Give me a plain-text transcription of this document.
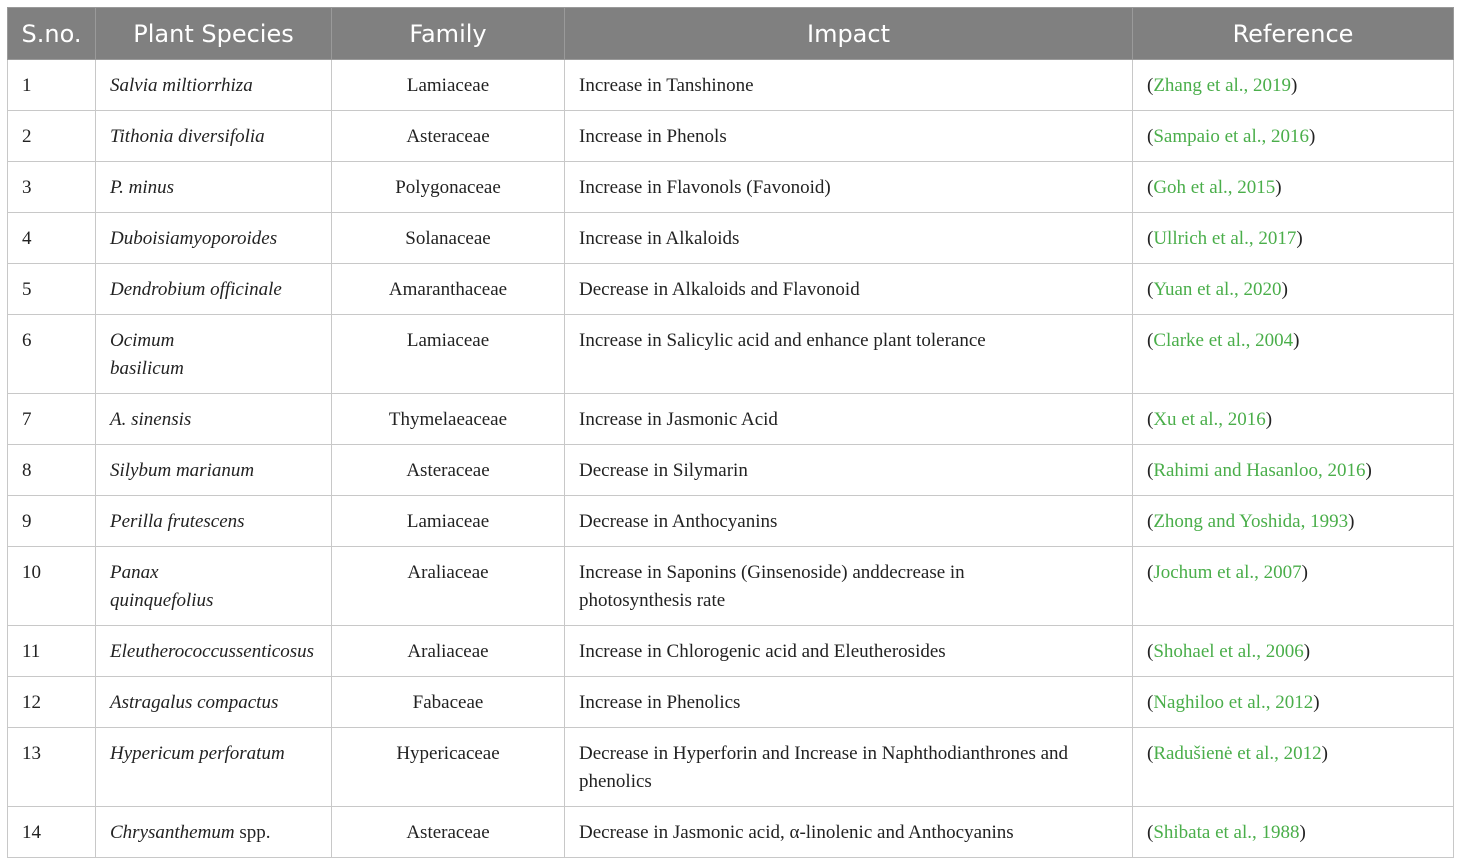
S.no.	Plant Species	Family	Impact	Reference
1	Salvia miltiorrhiza	Lamiaceae	Increase in Tanshinone	(Zhang et al., 2019)
2	Tithonia diversifolia	Asteraceae	Increase in Phenols	(Sampaio et al., 2016)
3	P. minus	Polygonaceae	Increase in Flavonols (Favonoid)	(Goh et al., 2015)
4	Duboisiamyoporoides	Solanaceae	Increase in Alkaloids	(Ullrich et al., 2017)
5	Dendrobium officinale	Amaranthaceae	Decrease in Alkaloids and Flavonoid	(Yuan et al., 2020)
6	Ocimum basilicum	Lamiaceae	Increase in Salicylic acid and enhance plant tolerance	(Clarke et al., 2004)
7	A. sinensis	Thymelaeaceae	Increase in Jasmonic Acid	(Xu et al., 2016)
8	Silybum marianum	Asteraceae	Decrease in Silymarin	(Rahimi and Hasanloo, 2016)
9	Perilla frutescens	Lamiaceae	Decrease in Anthocyanins	(Zhong and Yoshida, 1993)
10	Panax quinquefolius	Araliaceae	Increase in Saponins (Ginsenoside) anddecrease in photosynthesis rate	(Jochum et al., 2007)
11	Eleutherococcussenticosus	Araliaceae	Increase in Chlorogenic acid and Eleutherosides	(Shohael et al., 2006)
12	Astragalus compactus	Fabaceae	Increase in Phenolics	(Naghiloo et al., 2012)
13	Hypericum perforatum	Hypericaceae	Decrease in Hyperforin and Increase in Naphthodianthrones and phenolics	(Radušienė et al., 2012)
14	Chrysanthemum spp.	Asteraceae	Decrease in Jasmonic acid, α-linolenic and Anthocyanins	(Shibata et al., 1988)
